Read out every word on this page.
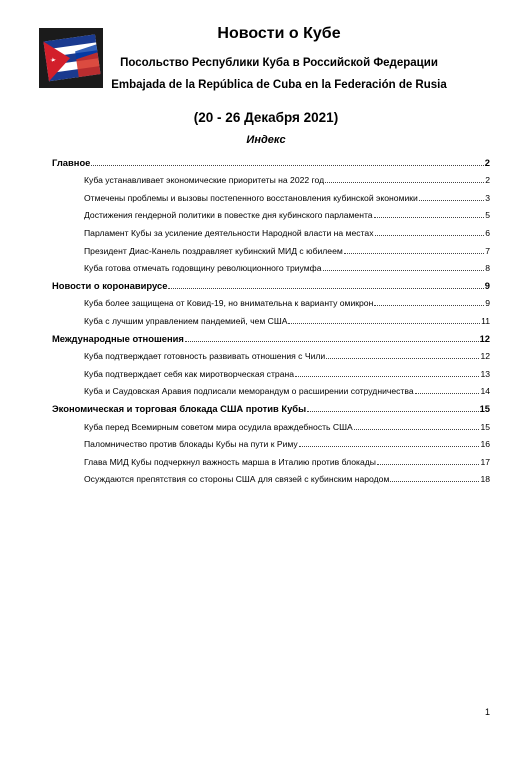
Новости о Кубе
Посольство Республики Куба в Российской Федерации
Embajada de la República de Cuba en la Federación de Rusia
(20 - 26 Декабря 2021)
Индекс
Главное	2
Куба устанавливает экономические приоритеты на 2022 год	2
Отмечены проблемы и вызовы постепенного восстановления кубинской экономики	3
Достижения гендерной политики в повестке дня кубинского парламента	5
Парламент Кубы за усиление деятельности Народной власти на местах	6
Президент Диас-Канель поздравляет кубинский МИД с юбилеем	7
Куба готова отмечать годовщину революционного триумфа	8
Новости о коронавирусе	9
Куба более защищена от Ковид-19, но внимательна к варианту омикрон	9
Куба с лучшим управлением пандемией, чем США	11
Международные отношения	12
Куба подтверждает готовность развивать отношения с Чили	12
Куба подтверждает себя как миротворческая страна	13
Куба и Саудовская Аравия подписали меморандум о расширении сотрудничества	14
Экономическая и торговая блокада США против Кубы	15
Куба перед Всемирным советом мира осудила враждебность США	15
Паломничество против блокады Кубы на пути к Риму	16
Глава МИД Кубы подчеркнул важность марша в Италию против блокады	17
Осуждаются препятствия со стороны США для связей с кубинским народом	18
1
